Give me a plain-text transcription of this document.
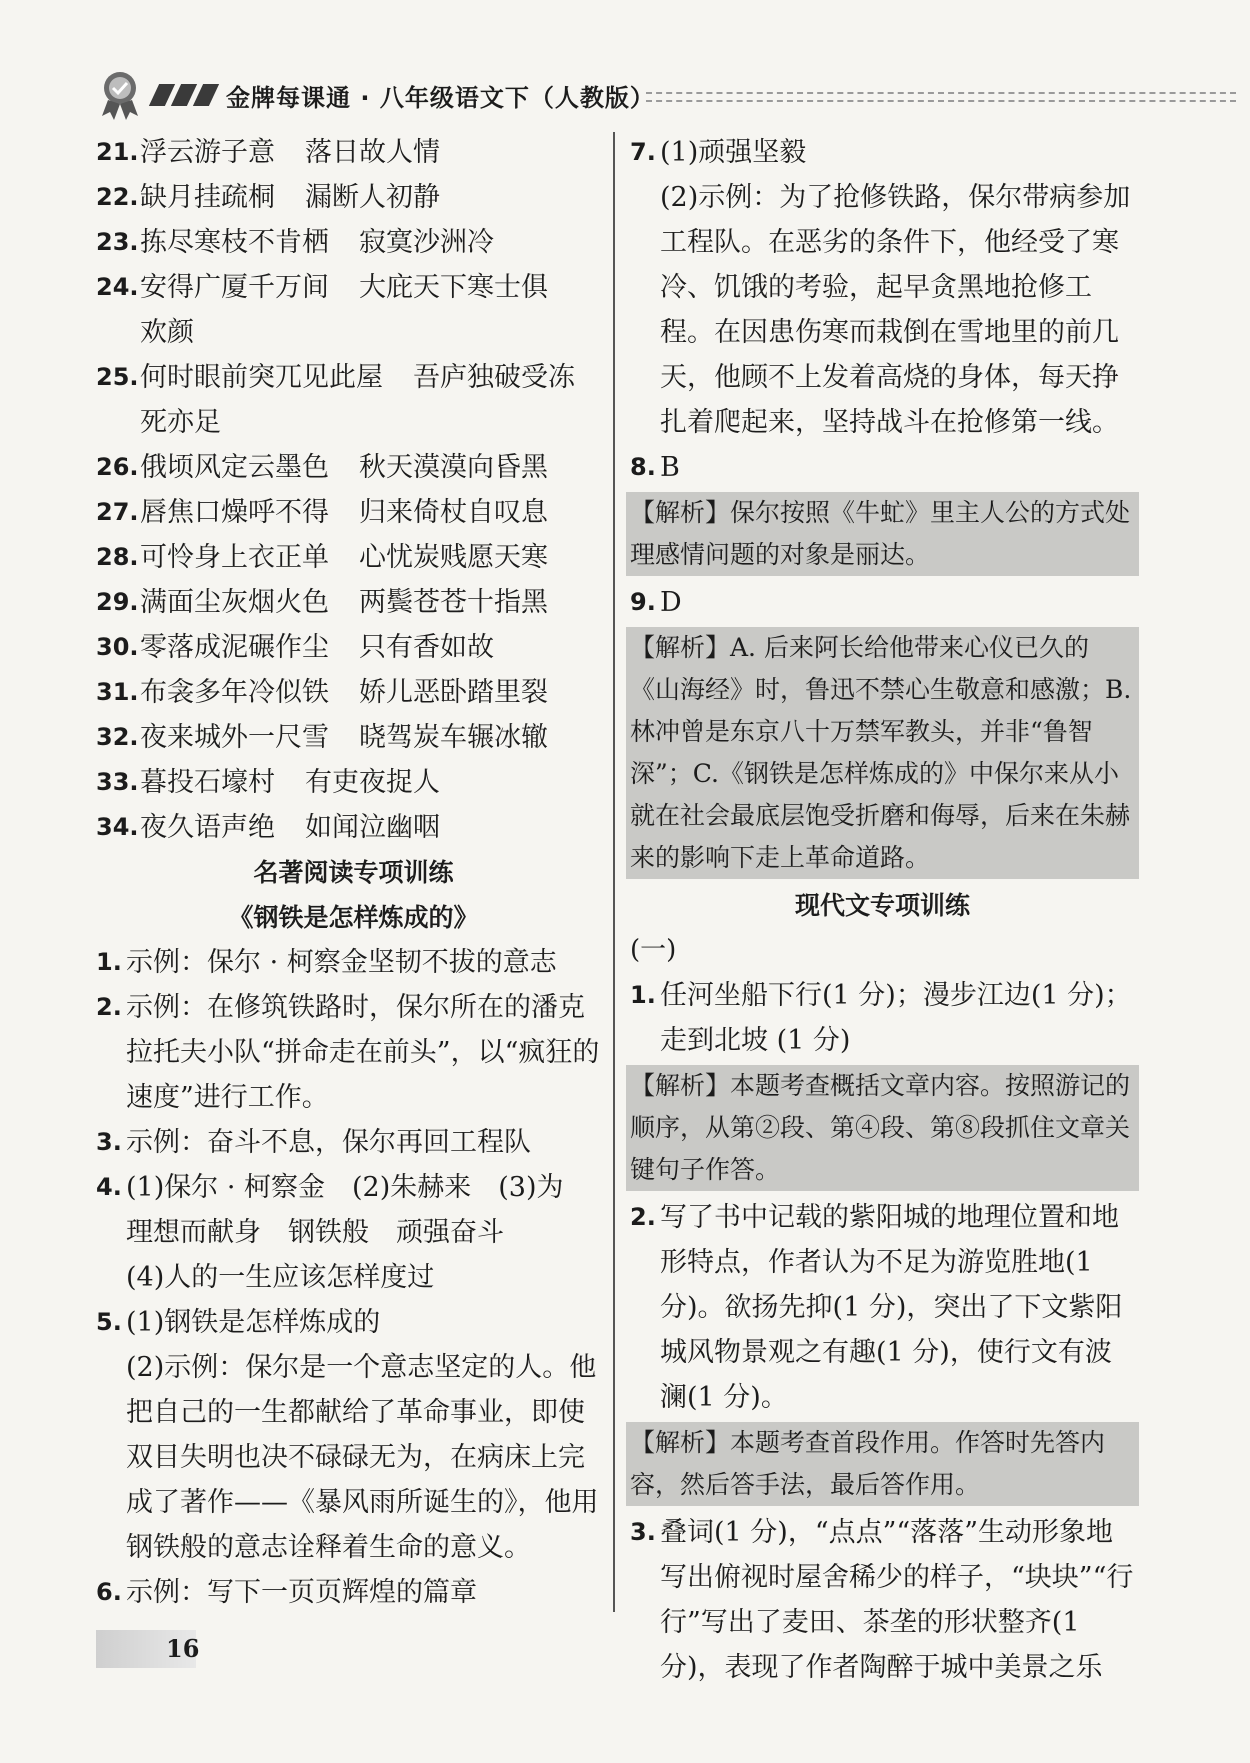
金牌每课通 · 八年级语文下（人教版）
21. 浮云游子意 落日故人情
22. 缺月挂疏桐 漏断人初静
23. 拣尽寒枝不肯栖 寂寞沙洲冷
24. 安得广厦千万间 大庇天下寒士俱
欢颜
25. 何时眼前突兀见此屋 吾庐独破受冻
死亦足
26. 俄顷风定云墨色 秋天漠漠向昏黑
27. 唇焦口燥呼不得 归来倚杖自叹息
28. 可怜身上衣正单 心忧炭贱愿天寒
29. 满面尘灰烟火色 两鬓苍苍十指黑
30. 零落成泥碾作尘 只有香如故
31. 布衾多年冷似铁 娇儿恶卧踏里裂
32. 夜来城外一尺雪 晓驾炭车辗冰辙
33. 暮投石壕村 有吏夜捉人
34. 夜久语声绝 如闻泣幽咽
名著阅读专项训练
《钢铁是怎样炼成的》
1. 示例：保尔 · 柯察金坚韧不拔的意志
2. 示例：在修筑铁路时，保尔所在的潘克拉托夫小队“拼命走在前头”，以“疯狂的速度”进行工作。
3. 示例：奋斗不息，保尔再回工程队
4. (1)保尔 · 柯察金　(2)朱赫来　(3)为
理想而献身　钢铁般　顽强奋斗
(4)人的一生应该怎样度过
5. (1)钢铁是怎样炼成的
(2)示例：保尔是一个意志坚定的人。他把自己的一生都献给了革命事业，即使双目失明也决不碌碌无为，在病床上完成了著作——《暴风雨所诞生的》，他用钢铁般的意志诠释着生命的意义。
6. 示例：写下一页页辉煌的篇章
7. (1)顽强坚毅
(2)示例：为了抢修铁路，保尔带病参加工程队。在恶劣的条件下，他经受了寒冷、饥饿的考验，起早贪黑地抢修工程。在因患伤寒而栽倒在雪地里的前几天，他顾不上发着高烧的身体，每天挣扎着爬起来，坚持战斗在抢修第一线。
8. B
【解析】保尔按照《牛虻》里主人公的方式处理感情问题的对象是丽达。
9. D
【解析】A. 后来阿长给他带来心仪已久的《山海经》时，鲁迅不禁心生敬意和感激；B. 林冲曾是东京八十万禁军教头，并非“鲁智深”；C.《钢铁是怎样炼成的》中保尔来从小就在社会最底层饱受折磨和侮辱，后来在朱赫来的影响下走上革命道路。
现代文专项训练
(一)
1. 任河坐船下行(1 分)；漫步江边(1 分)；走到北坡 (1 分)
【解析】本题考查概括文章内容。按照游记的顺序，从第②段、第④段、第⑧段抓住文章关键句子作答。
2. 写了书中记载的紫阳城的地理位置和地形特点，作者认为不足为游览胜地(1 分)。欲扬先抑(1 分)，突出了下文紫阳城风物景观之有趣(1 分)，使行文有波澜(1 分)。
【解析】本题考查首段作用。作答时先答内容，然后答手法，最后答作用。
3. 叠词(1 分)，“点点”“落落”生动形象地写出俯视时屋舍稀少的样子，“块块”“行行”写出了麦田、茶垄的形状整齐(1 分)，表现了作者陶醉于城中美景之乐
16
